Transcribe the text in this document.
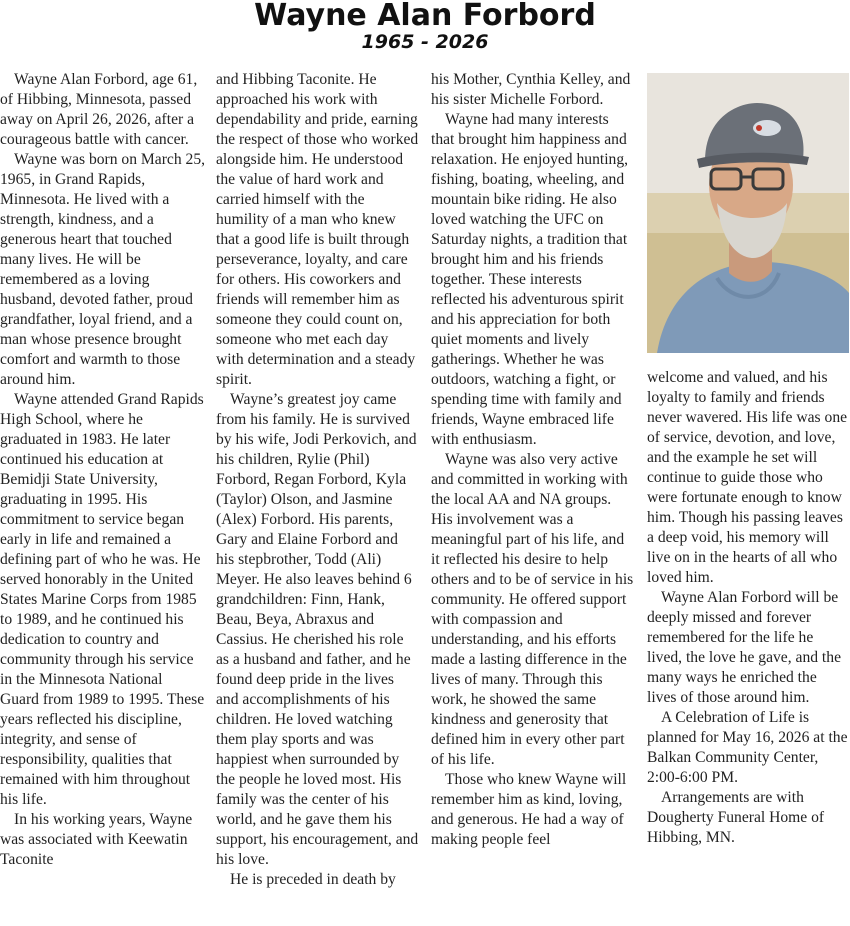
Wayne Alan Forbord
1965 - 2026

Wayne Alan Forbord, age 61, of Hibbing, Minnesota, passed away on April 26, 2026, after a courageous battle with cancer.

Wayne was born on March 25, 1965, in Grand Rapids, Minnesota. He lived with a strength, kindness, and a generous heart that touched many lives. He will be remembered as a loving husband, devoted father, proud grandfather, loyal friend, and a man whose presence brought comfort and warmth to those around him.

Wayne attended Grand Rapids High School, where he graduated in 1983. He later continued his education at Bemidji State University, graduating in 1995. His commitment to service began early in life and remained a defining part of who he was. He served honorably in the United States Marine Corps from 1985 to 1989, and he continued his dedication to country and community through his service in the Minnesota National Guard from 1989 to 1995. These years reflected his discipline, integrity, and sense of responsibility, qualities that remained with him throughout his life.

In his working years, Wayne was associated with Keewatin Taconite

and Hibbing Taconite. He approached his work with dependability and pride, earning the respect of those who worked alongside him. He understood the value of hard work and carried himself with the humility of a man who knew that a good life is built through perseverance, loyalty, and care for others. His coworkers and friends will remember him as someone they could count on, someone who met each day with determination and a steady spirit.

Wayne’s greatest joy came from his family. He is survived by his wife, Jodi Perkovich, and his children, Rylie (Phil) Forbord, Regan Forbord, Kyla (Taylor) Olson, and Jasmine (Alex) Forbord. His parents, Gary and Elaine Forbord and his stepbrother, Todd (Ali) Meyer. He also leaves behind 6 grandchildren: Finn, Hank, Beau, Beya, Abraxus and Cassius. He cherished his role as a husband and father, and he found deep pride in the lives and accomplishments of his children. He loved watching them play sports and was happiest when surrounded by the people he loved most. His family was the center of his world, and he gave them his support, his encouragement, and his love.

He is preceded in death by

his Mother, Cynthia Kelley, and his sister Michelle Forbord.

Wayne had many interests that brought him happiness and relaxation. He enjoyed hunting, fishing, boating, wheeling, and mountain bike riding. He also loved watching the UFC on Saturday nights, a tradition that brought him and his friends together. These interests reflected his adventurous spirit and his appreciation for both quiet moments and lively gatherings. Whether he was outdoors, watching a fight, or spending time with family and friends, Wayne embraced life with enthusiasm.

Wayne was also very active and committed in working with the local AA and NA groups. His involvement was a meaningful part of his life, and it reflected his desire to help others and to be of service in his community. He offered support with compassion and understanding, and his efforts made a lasting difference in the lives of many. Through this work, he showed the same kindness and generosity that defined him in every other part of his life.

Those who knew Wayne will remember him as kind, loving, and generous. He had a way of making people feel

welcome and valued, and his loyalty to family and friends never wavered. His life was one of service, devotion, and love, and the example he set will continue to guide those who were fortunate enough to know him. Though his passing leaves a deep void, his memory will live on in the hearts of all who loved him.

Wayne Alan Forbord will be deeply missed and forever remembered for the life he lived, the love he gave, and the many ways he enriched the lives of those around him.

A Celebration of Life is planned for May 16, 2026 at the Balkan Community Center, 2:00-6:00 PM.

Arrangements are with Dougherty Funeral Home of Hibbing, MN.
